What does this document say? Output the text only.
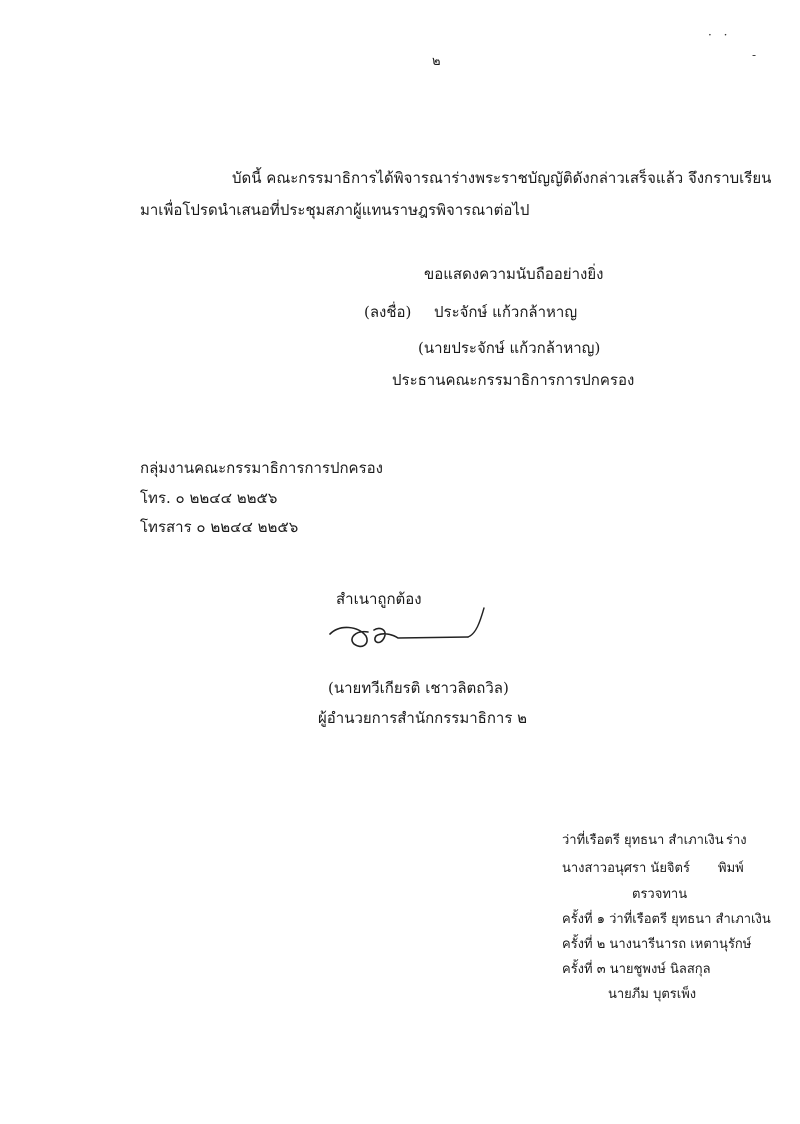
๒
· ·
-
บัดนี้ คณะกรรมาธิการได้พิจารณาร่างพระราชบัญญัติดังกล่าวเสร็จแล้ว จึงกราบเรียน
มาเพื่อโปรดนำเสนอที่ประชุมสภาผู้แทนราษฎรพิจารณาต่อไป
ขอแสดงความนับถืออย่างยิ่ง
(ลงชื่อ) ประจักษ์ แก้วกล้าหาญ
(นายประจักษ์ แก้วกล้าหาญ)
ประธานคณะกรรมาธิการการปกครอง
กลุ่มงานคณะกรรมาธิการการปกครอง
โทร. ๐ ๒๒๔๔ ๒๒๕๖
โทรสาร ๐ ๒๒๔๔ ๒๒๕๖
สำเนาถูกต้อง
(นายทวีเกียรติ เชาวลิตถวิล)
ผู้อำนวยการสำนักกรรมาธิการ ๒
ว่าที่เรือตรี ยุทธนา สำเภาเงิน ร่าง
นางสาวอนุศรา นัยจิตร์ พิมพ์
ตรวจทาน
ครั้งที่ ๑ ว่าที่เรือตรี ยุทธนา สำเภาเงิน
ครั้งที่ ๒ นางนารีนารถ เหตานุรักษ์
ครั้งที่ ๓ นายชูพงษ์ นิลสกุล
นายภีม บุตรเพ็ง
